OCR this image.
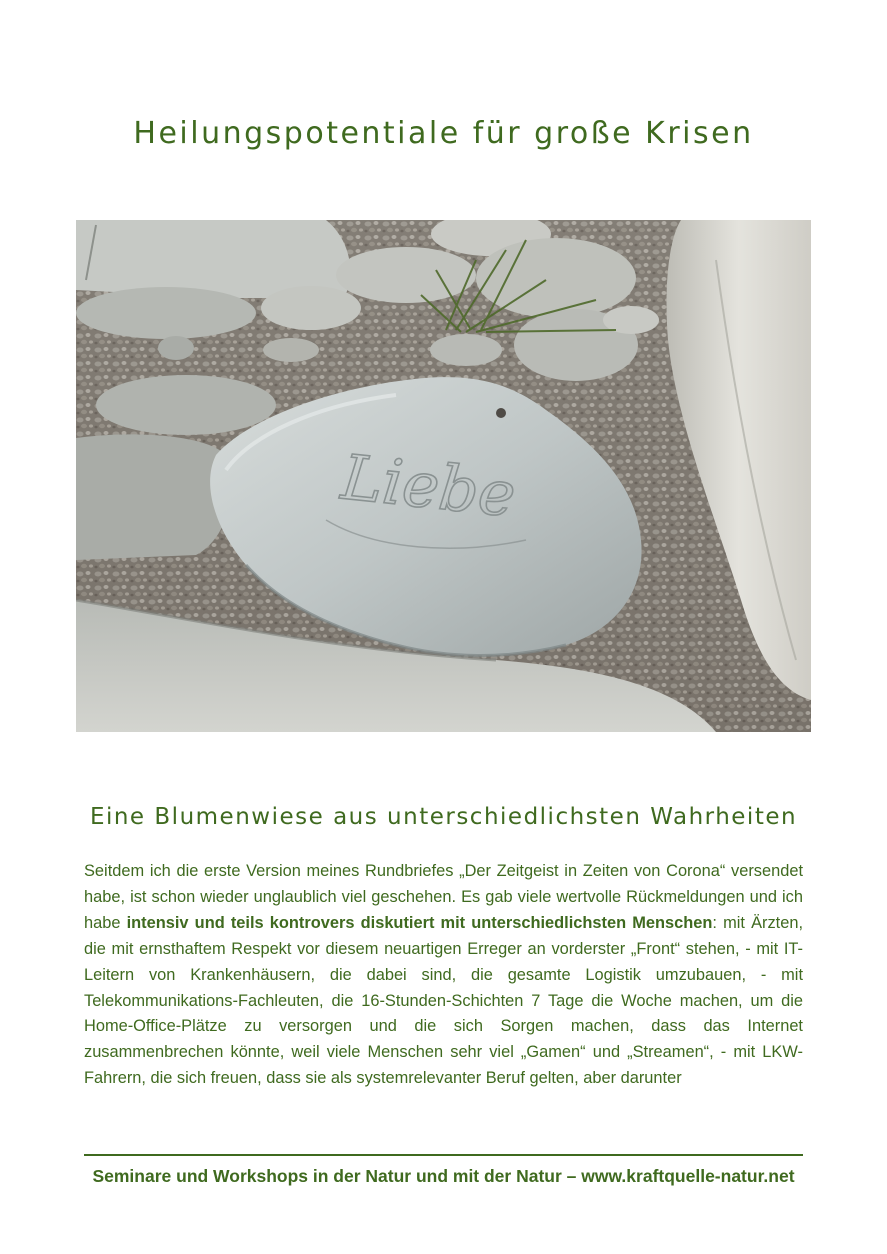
Heilungspotentiale für große Krisen
Liebe
Eine Blumenwiese aus unterschiedlichsten Wahrheiten

Seitdem ich die erste Version meines Rundbriefes „Der Zeitgeist in Zeiten von Corona“ versendet habe, ist schon wieder unglaublich viel geschehen. Es gab viele wertvolle Rückmeldungen und ich habe intensiv und teils kontrovers diskutiert mit unterschiedlichsten Menschen: mit Ärzten, die mit ernsthaftem Respekt vor diesem neuartigen Erreger an vorderster „Front“ stehen, - mit IT-Leitern von Krankenhäusern, die dabei sind, die gesamte Logistik umzubauen, - mit Telekommunikations-Fachleuten, die 16-Stunden-Schichten 7 Tage die Woche machen, um die Home-Office-Plätze zu versorgen und die sich Sorgen machen, dass das Internet zusammenbrechen könnte, weil viele Menschen sehr viel „Gamen“ und „Streamen“, - mit LKW-Fahrern, die sich freuen, dass sie als systemrelevanter Beruf gelten, aber darunter

Seminare und Workshops in der Natur und mit der Natur – www.kraftquelle-natur.net
